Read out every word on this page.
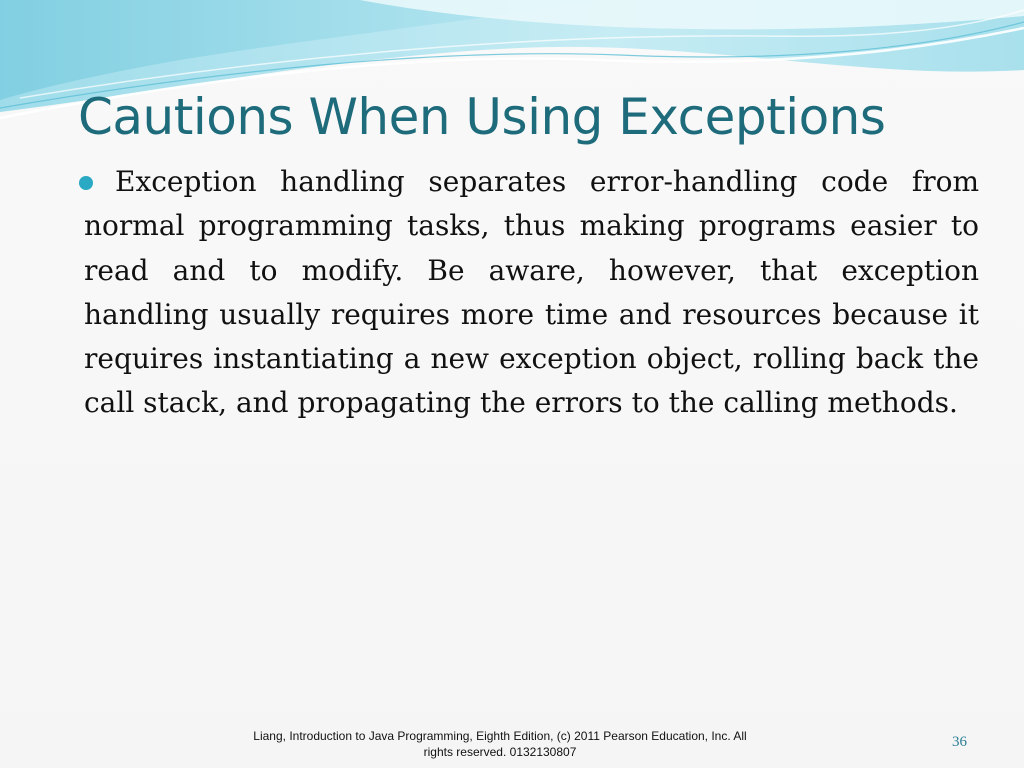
Cautions When Using Exceptions
Exception handling separates error-handling code from normal programming tasks, thus making programs easier to read and to modify. Be aware, however, that exception handling usually requires more time and resources because it requires instantiating a new exception object, rolling back the call stack, and propagating the errors to the calling methods.
Liang, Introduction to Java Programming, Eighth Edition, (c) 2011 Pearson Education, Inc. All
rights reserved. 0132130807
36
